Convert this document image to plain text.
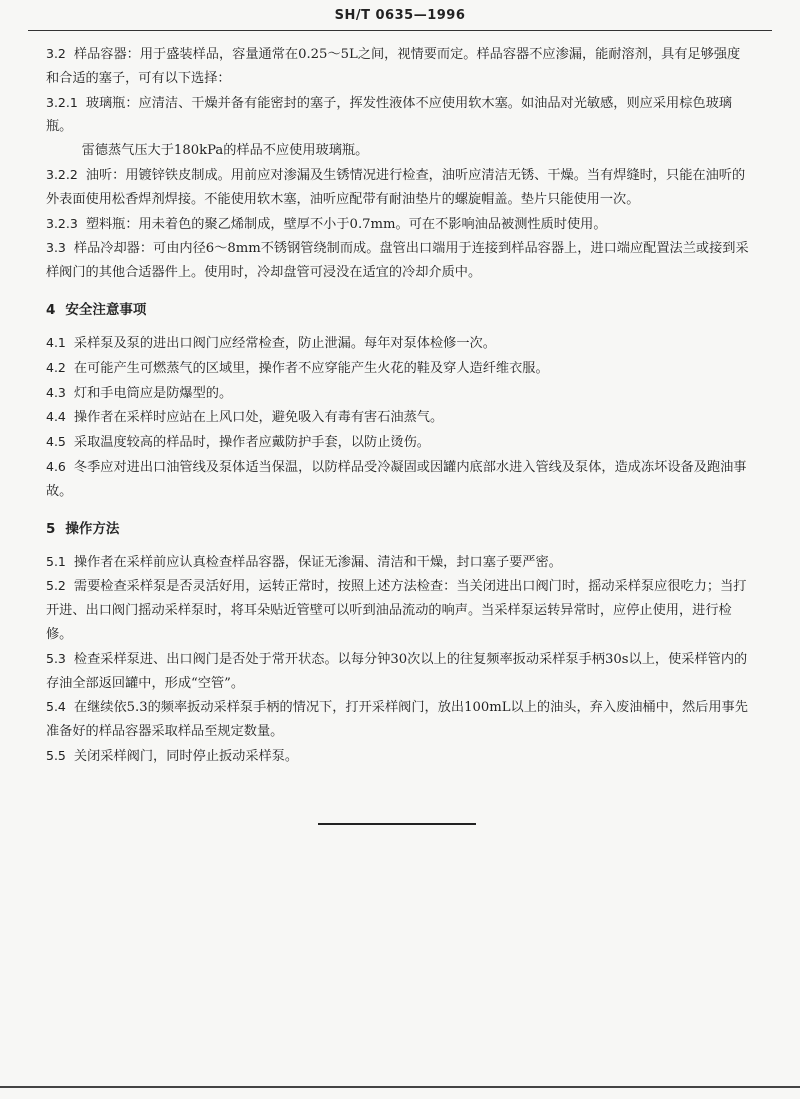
SH/T 0635—1996

3.2 样品容器：用于盛装样品，容量通常在0.25～5L之间，视情要而定。样品容器不应渗漏，能耐溶剂，具有足够强度和合适的塞子，可有以下选择：

3.2.1 玻璃瓶：应清洁、干燥并备有能密封的塞子，挥发性液体不应使用软木塞。如油品对光敏感，则应采用棕色玻璃瓶。

雷德蒸气压大于180kPa的样品不应使用玻璃瓶。

3.2.2 油听：用镀锌铁皮制成。用前应对渗漏及生锈情况进行检查，油听应清洁无锈、干燥。当有焊缝时，只能在油听的外表面使用松香焊剂焊接。不能使用软木塞，油听应配带有耐油垫片的螺旋帽盖。垫片只能使用一次。

3.2.3 塑料瓶：用未着色的聚乙烯制成，壁厚不小于0.7mm。可在不影响油品被测性质时使用。

3.3 样品冷却器：可由内径6～8mm不锈钢管绕制而成。盘管出口端用于连接到样品容器上，进口端应配置法兰或接到采样阀门的其他合适器件上。使用时，冷却盘管可浸没在适宜的冷却介质中。

4 安全注意事项

4.1 采样泵及泵的进出口阀门应经常检查，防止泄漏。每年对泵体检修一次。

4.2 在可能产生可燃蒸气的区域里，操作者不应穿能产生火花的鞋及穿人造纤维衣服。

4.3 灯和手电筒应是防爆型的。

4.4 操作者在采样时应站在上风口处，避免吸入有毒有害石油蒸气。

4.5 采取温度较高的样品时，操作者应戴防护手套，以防止烫伤。

4.6 冬季应对进出口油管线及泵体适当保温，以防样品受冷凝固或因罐内底部水进入管线及泵体，造成冻坏设备及跑油事故。

5 操作方法

5.1 操作者在采样前应认真检查样品容器，保证无渗漏、清洁和干燥，封口塞子要严密。

5.2 需要检查采样泵是否灵活好用，运转正常时，按照上述方法检查：当关闭进出口阀门时，摇动采样泵应很吃力；当打开进、出口阀门摇动采样泵时，将耳朵贴近管壁可以听到油品流动的响声。当采样泵运转异常时，应停止使用，进行检修。

5.3 检查采样泵进、出口阀门是否处于常开状态。以每分钟30次以上的往复频率扳动采样泵手柄30s以上，使采样管内的存油全部返回罐中，形成“空管”。

5.4 在继续依5.3的频率扳动采样泵手柄的情况下，打开采样阀门，放出100mL以上的油头，弃入废油桶中，然后用事先准备好的样品容器采取样品至规定数量。

5.5 关闭采样阀门，同时停止扳动采样泵。
